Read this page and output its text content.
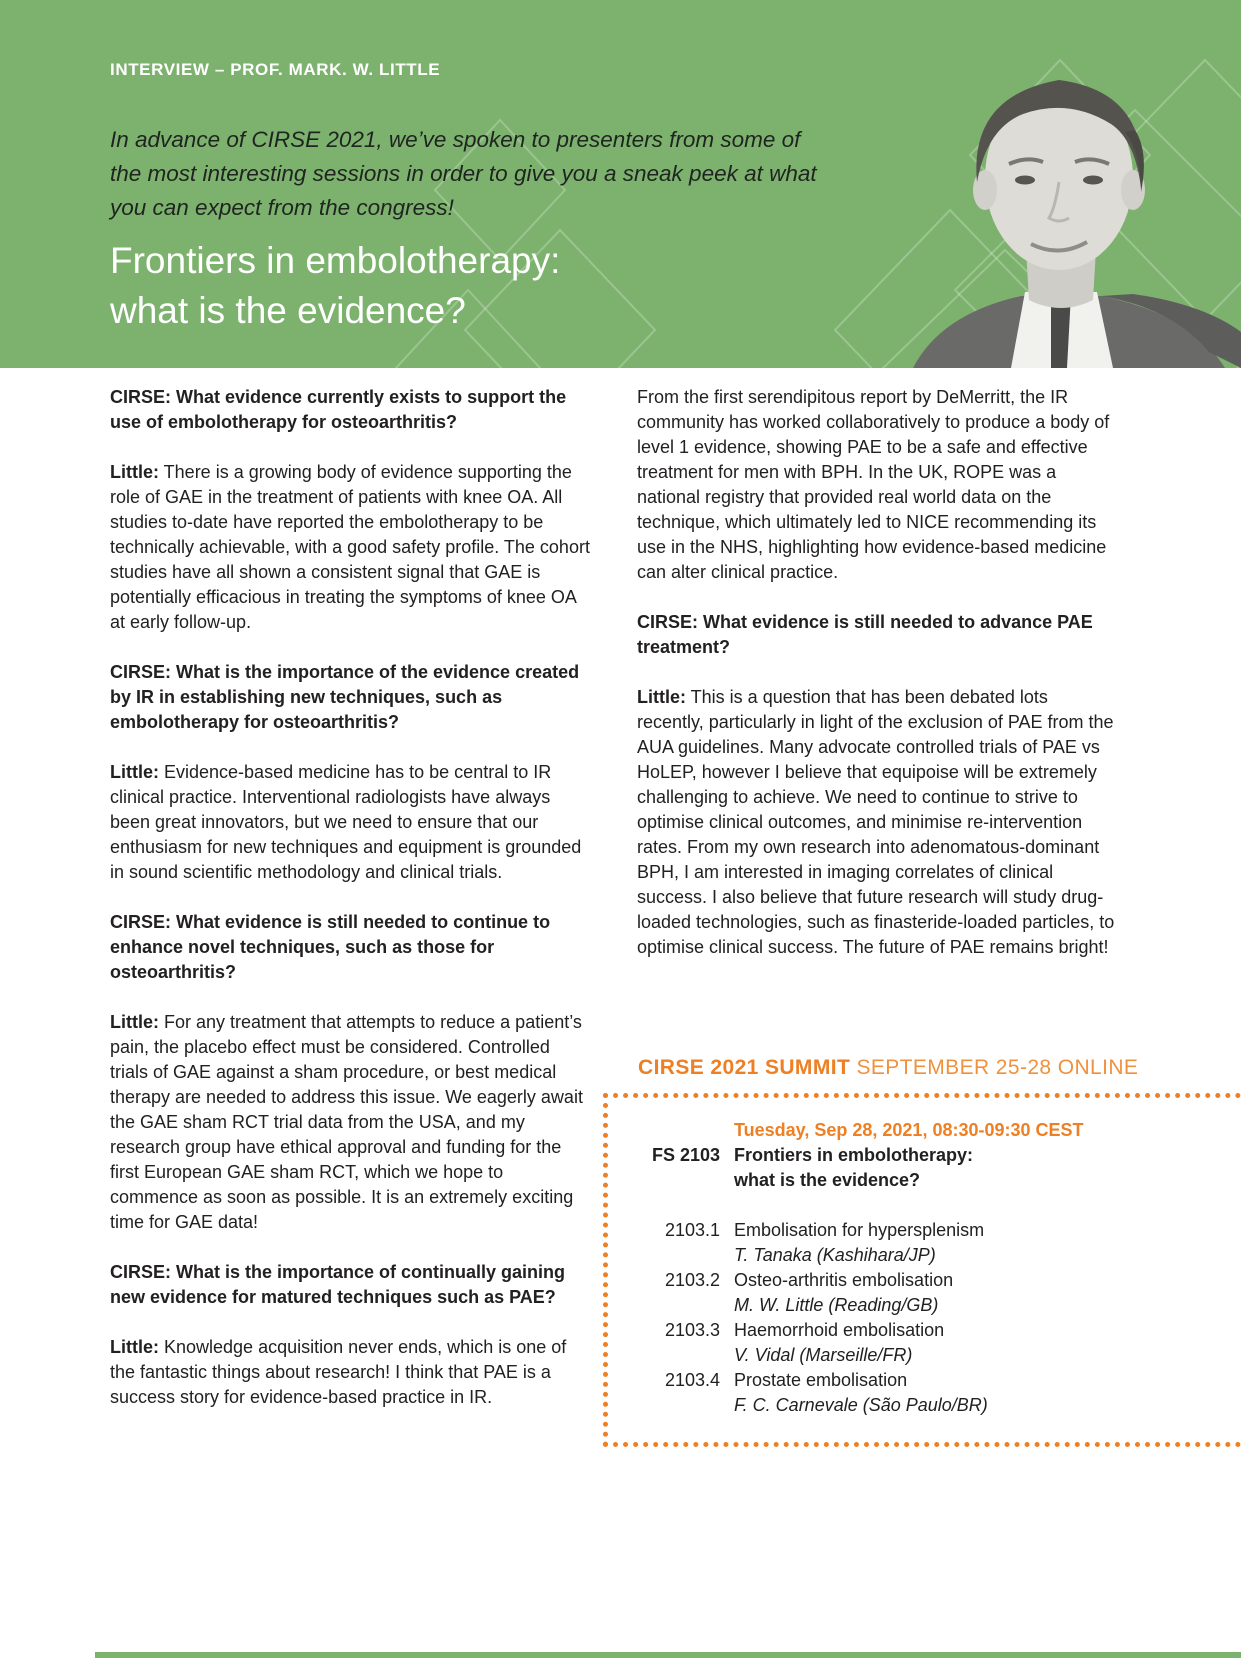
INTERVIEW – PROF. MARK. W. LITTLE

In advance of CIRSE 2021, we’ve spoken to presenters from some of the most interesting sessions in order to give you a sneak peek at what you can expect from the congress!

Frontiers in embolotherapy:
what is the evidence?

CIRSE: What evidence currently exists to support the use of embolotherapy for osteoarthritis?

Little: There is a growing body of evidence supporting the role of GAE in the treatment of patients with knee OA. All studies to-date have reported the embolotherapy to be technically achievable, with a good safety profile. The cohort studies have all shown a consistent signal that GAE is potentially efficacious in treating the symptoms of knee OA at early follow-up.

CIRSE: What is the importance of the evidence created by IR in establishing new techniques, such as embolotherapy for osteoarthritis?

Little: Evidence-based medicine has to be central to IR clinical practice. Interventional radiologists have always been great innovators, but we need to ensure that our enthusiasm for new techniques and equipment is grounded in sound scientific methodology and clinical trials.

CIRSE: What evidence is still needed to continue to enhance novel techniques, such as those for osteoarthritis?

Little: For any treatment that attempts to reduce a patient’s pain, the placebo effect must be considered. Controlled trials of GAE against a sham procedure, or best medical therapy are needed to address this issue. We eagerly await the GAE sham RCT trial data from the USA, and my research group have ethical approval and funding for the first European GAE sham RCT, which we hope to commence as soon as possible. It is an extremely exciting time for GAE data!

CIRSE: What is the importance of continually gaining new evidence for matured techniques such as PAE?

Little: Knowledge acquisition never ends, which is one of the fantastic things about research! I think that PAE is a success story for evidence-based practice in IR.

From the first serendipitous report by DeMerritt, the IR community has worked collaboratively to produce a body of level 1 evidence, showing PAE to be a safe and effective treatment for men with BPH. In the UK, ROPE was a national registry that provided real world data on the technique, which ultimately led to NICE recommending its use in the NHS, highlighting how evidence-based medicine can alter clinical practice.

CIRSE: What evidence is still needed to advance PAE treatment?

Little: This is a question that has been debated lots recently, particularly in light of the exclusion of PAE from the AUA guidelines. Many advocate controlled trials of PAE vs HoLEP, however I believe that equipoise will be extremely challenging to achieve. We need to continue to strive to optimise clinical outcomes, and minimise re-intervention rates. From my own research into adenomatous-dominant BPH, I am interested in imaging correlates of clinical success. I also believe that future research will study drug-loaded technologies, such as finasteride-loaded particles, to optimise clinical success. The future of PAE remains bright!

CIRSE 2021 SUMMIT SEPTEMBER 25-28 ONLINE
Tuesday, Sep 28, 2021, 08:30-09:30 CEST
FS 2103 Frontiers in embolotherapy:
what is the evidence?
2103.1 Embolisation for hypersplenism
T. Tanaka (Kashihara/JP)
2103.2 Osteo-arthritis embolisation
M. W. Little (Reading/GB)
2103.3 Haemorrhoid embolisation
V. Vidal (Marseille/FR)
2103.4 Prostate embolisation
F. C. Carnevale (São Paulo/BR)
